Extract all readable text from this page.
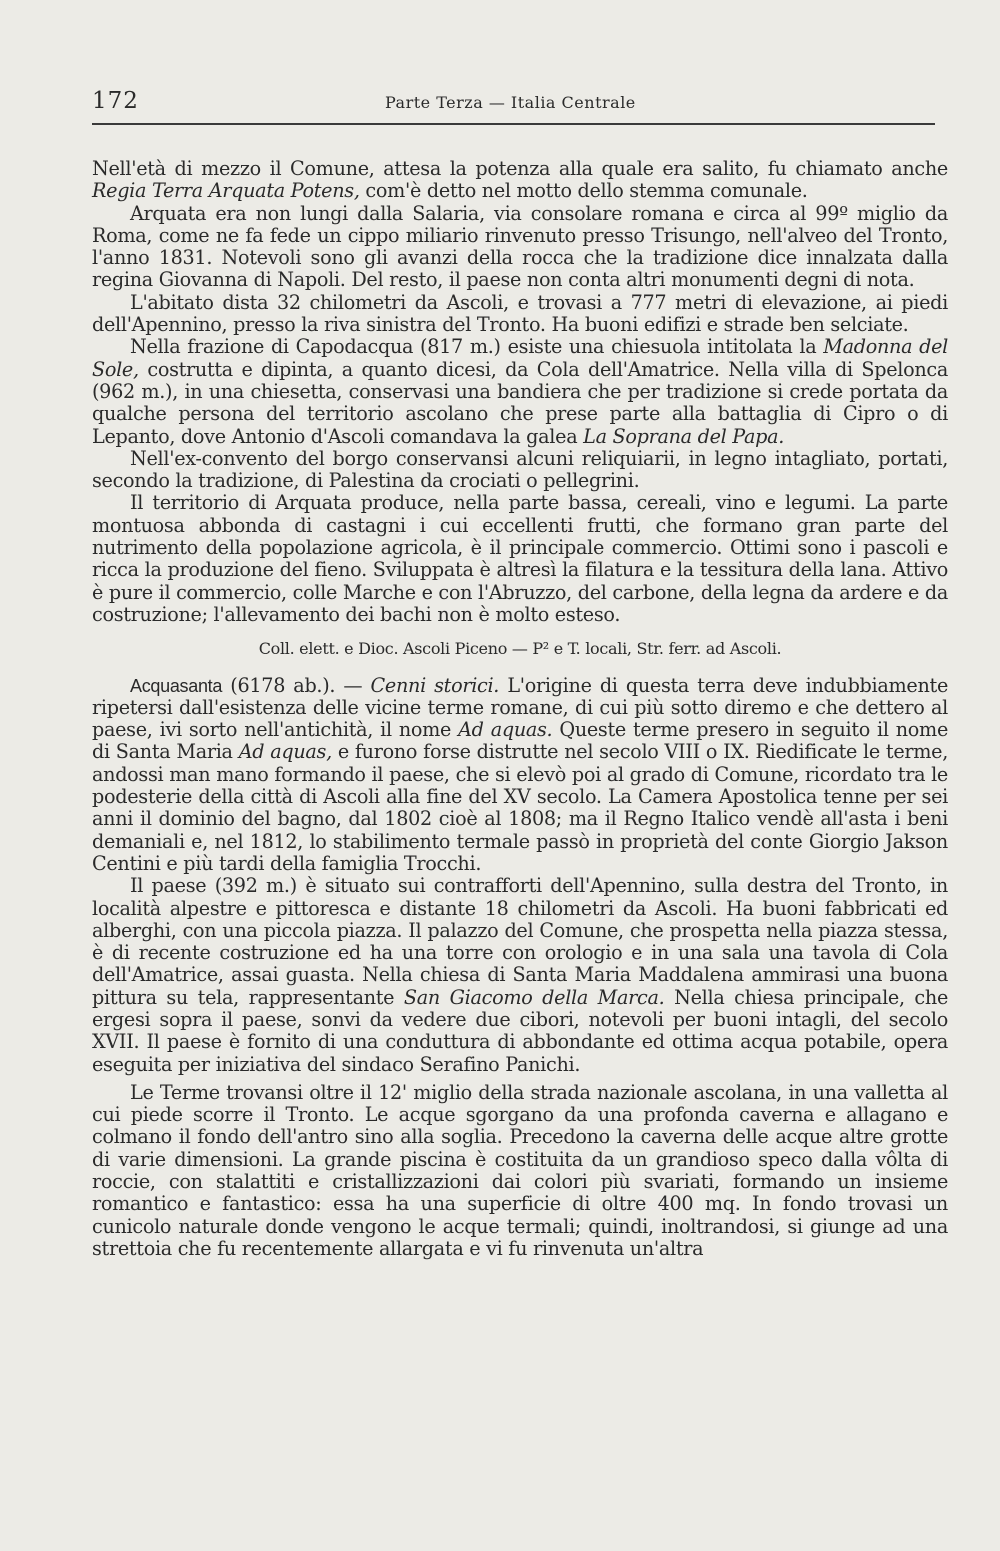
172	Parte Terza — Italia Centrale

Nell'età di mezzo il Comune, attesa la potenza alla quale era salito, fu chiamato anche Regia Terra Arquata Potens, com'è detto nel motto dello stemma comunale.

Arquata era non lungi dalla Salaria, via consolare romana e circa al 99º miglio da Roma, come ne fa fede un cippo miliario rinvenuto presso Trisungo, nell'alveo del Tronto, l'anno 1831. Notevoli sono gli avanzi della rocca che la tradizione dice innalzata dalla regina Giovanna di Napoli. Del resto, il paese non conta altri monumenti degni di nota.

L'abitato dista 32 chilometri da Ascoli, e trovasi a 777 metri di elevazione, ai piedi dell'Apennino, presso la riva sinistra del Tronto. Ha buoni edifizi e strade ben selciate.

Nella frazione di Capodacqua (817 m.) esiste una chiesuola intitolata la Madonna del Sole, costrutta e dipinta, a quanto dicesi, da Cola dell'Amatrice. Nella villa di Spelonca (962 m.), in una chiesetta, conservasi una bandiera che per tradizione si crede portata da qualche persona del territorio ascolano che prese parte alla battaglia di Cipro o di Lepanto, dove Antonio d'Ascoli comandava la galea La Soprana del Papa.

Nell'ex-convento del borgo conservansi alcuni reliquiarii, in legno intagliato, portati, secondo la tradizione, di Palestina da crociati o pellegrini.

Il territorio di Arquata produce, nella parte bassa, cereali, vino e legumi. La parte montuosa abbonda di castagni i cui eccellenti frutti, che formano gran parte del nutrimento della popolazione agricola, è il principale commercio. Ottimi sono i pascoli e ricca la produzione del fieno. Sviluppata è altresì la filatura e la tessitura della lana. Attivo è pure il commercio, colle Marche e con l'Abruzzo, del carbone, della legna da ardere e da costruzione; l'allevamento dei bachi non è molto esteso.

Coll. elett. e Dioc. Ascoli Piceno — P² e T. locali, Str. ferr. ad Ascoli.

Acquasanta (6178 ab.). — Cenni storici. L'origine di questa terra deve indubbiamente ripetersi dall'esistenza delle vicine terme romane, di cui più sotto diremo e che dettero al paese, ivi sorto nell'antichità, il nome Ad aquas. Queste terme presero in seguito il nome di Santa Maria Ad aquas, e furono forse distrutte nel secolo VIII o IX. Riedificate le terme, andossi man mano formando il paese, che si elevò poi al grado di Comune, ricordato tra le podesterie della città di Ascoli alla fine del XV secolo. La Camera Apostolica tenne per sei anni il dominio del bagno, dal 1802 cioè al 1808; ma il Regno Italico vendè all'asta i beni demaniali e, nel 1812, lo stabilimento termale passò in proprietà del conte Giorgio Jakson Centini e più tardi della famiglia Trocchi.

Il paese (392 m.) è situato sui contrafforti dell'Apennino, sulla destra del Tronto, in località alpestre e pittoresca e distante 18 chilometri da Ascoli. Ha buoni fabbricati ed alberghi, con una piccola piazza. Il palazzo del Comune, che prospetta nella piazza stessa, è di recente costruzione ed ha una torre con orologio e in una sala una tavola di Cola dell'Amatrice, assai guasta. Nella chiesa di Santa Maria Maddalena ammirasi una buona pittura su tela, rappresentante San Giacomo della Marca. Nella chiesa principale, che ergesi sopra il paese, sonvi da vedere due cibori, notevoli per buoni intagli, del secolo XVII. Il paese è fornito di una conduttura di abbondante ed ottima acqua potabile, opera eseguita per iniziativa del sindaco Serafino Panichi.

Le Terme trovansi oltre il 12' miglio della strada nazionale ascolana, in una valletta al cui piede scorre il Tronto. Le acque sgorgano da una profonda caverna e allagano e colmano il fondo dell'antro sino alla soglia. Precedono la caverna delle acque altre grotte di varie dimensioni. La grande piscina è costituita da un grandioso speco dalla vôlta di roccie, con stalattiti e cristallizzazioni dai colori più svariati, formando un insieme romantico e fantastico: essa ha una superficie di oltre 400 mq. In fondo trovasi un cunicolo naturale donde vengono le acque termali; quindi, inoltrandosi, si giunge ad una strettoia che fu recentemente allargata e vi fu rinvenuta un'altra
